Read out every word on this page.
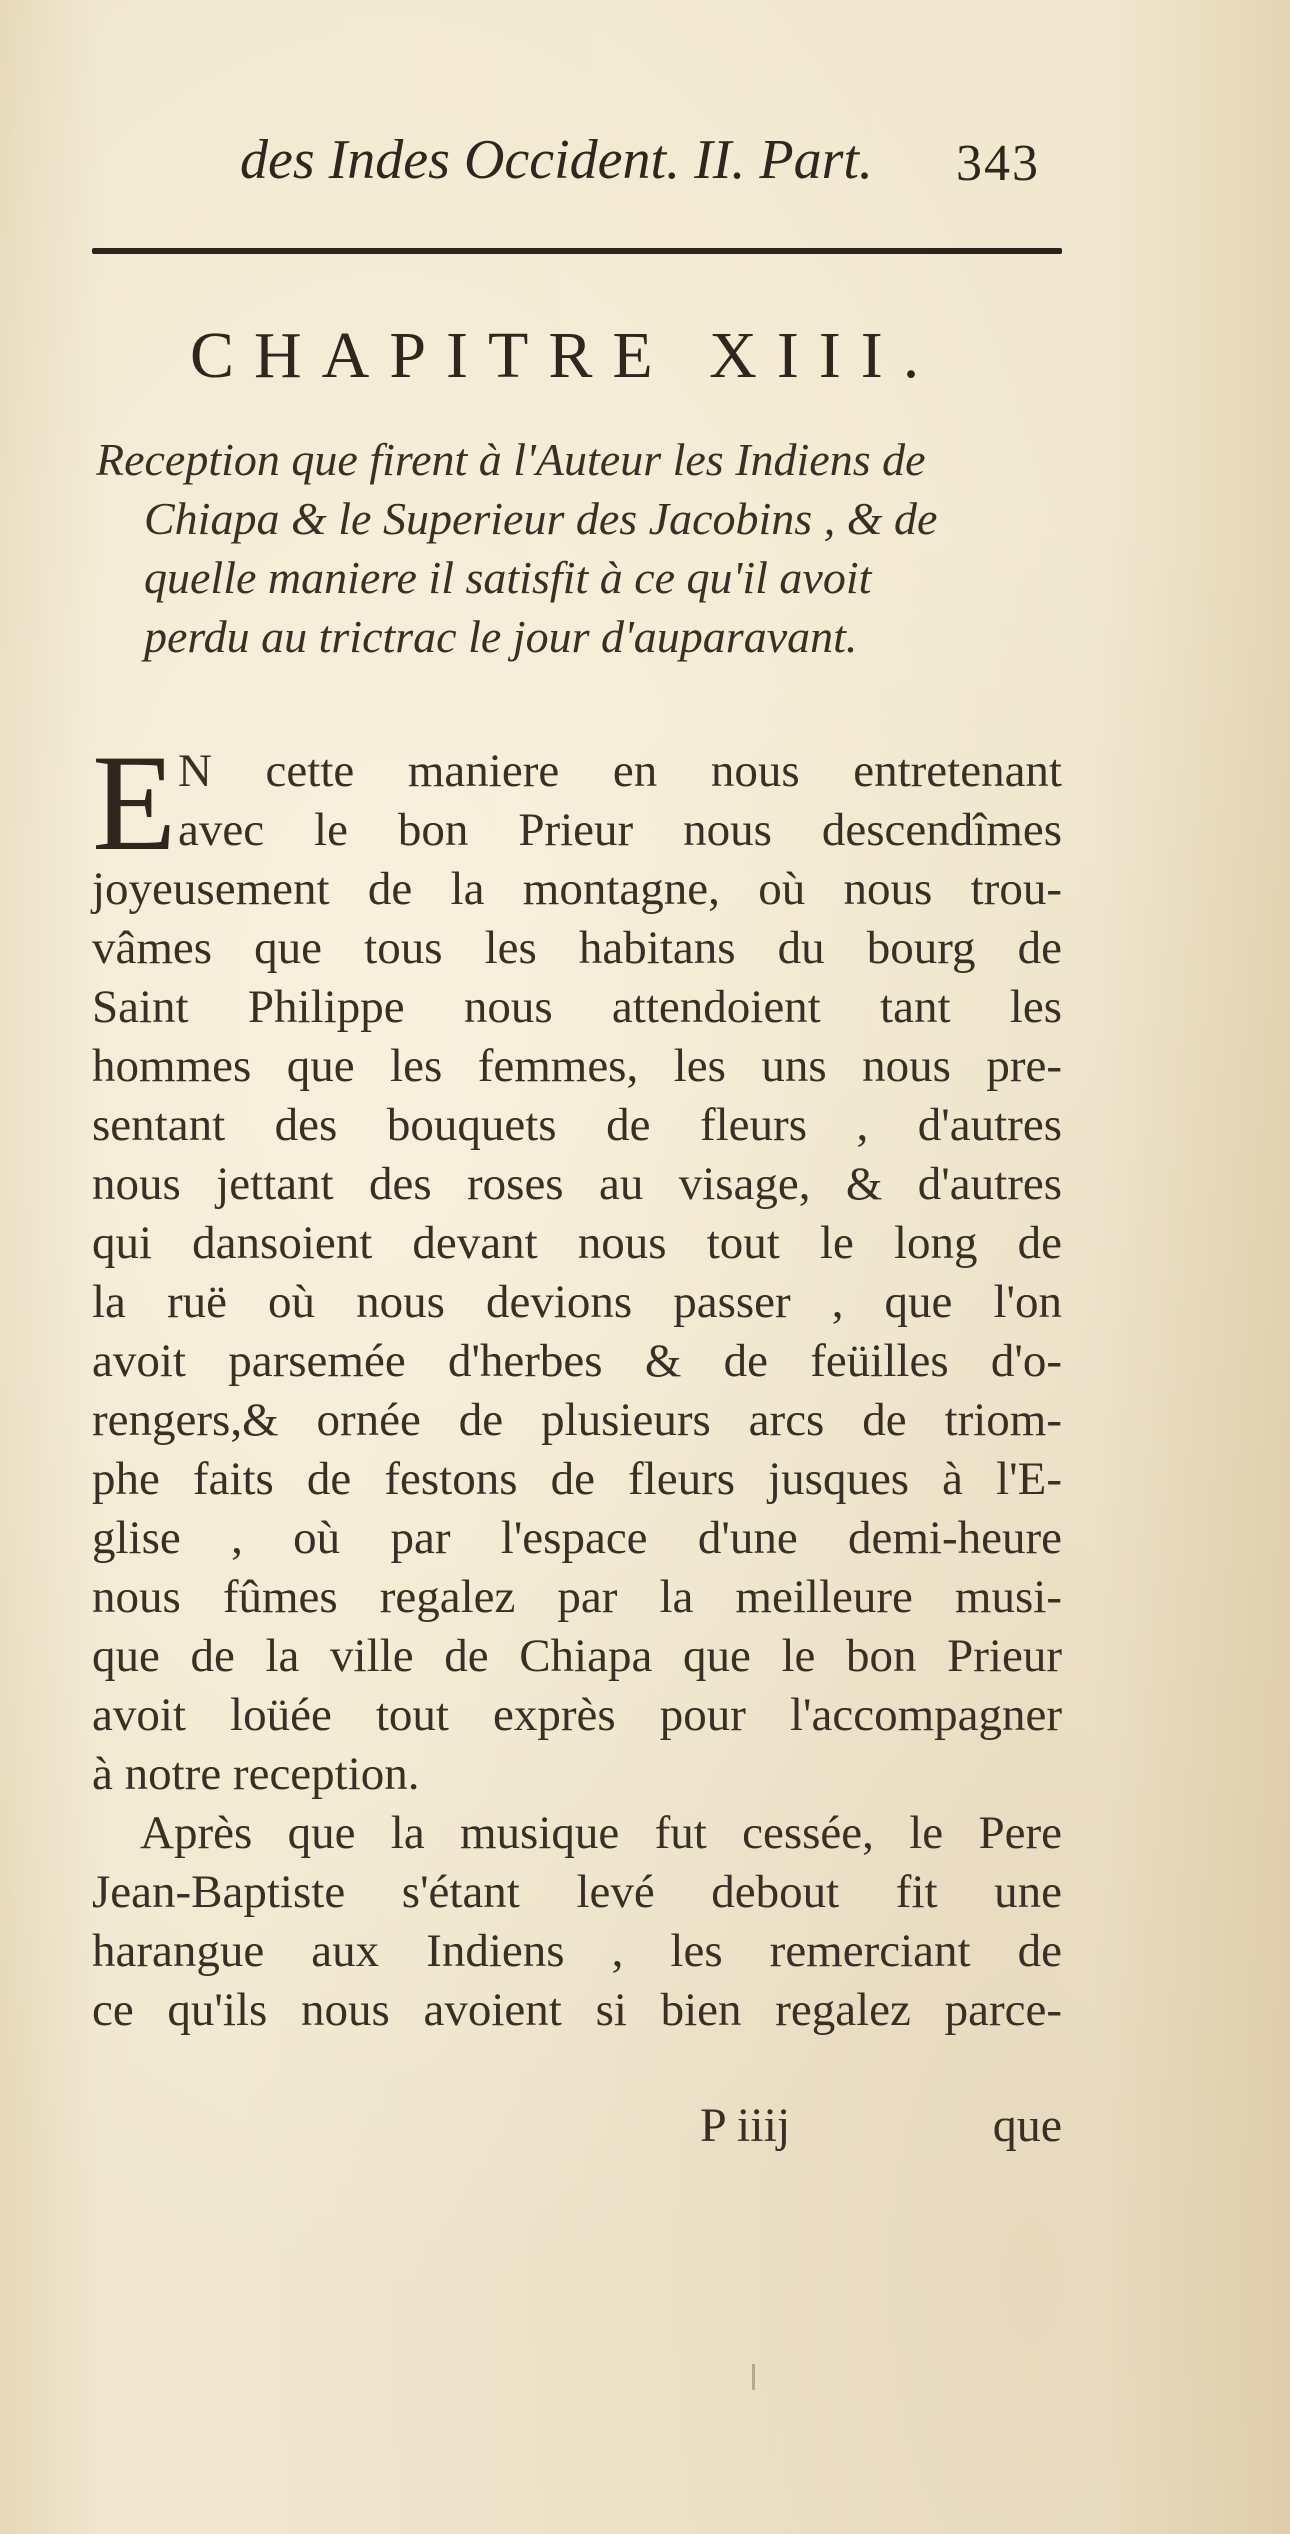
des Indes Occident. II. Part. 343
CHAPITRE XIII.
Reception que firent à l'Auteur les Indiens de
Chiapa & le Superieur des Jacobins , & de
quelle maniere il satisfit à ce qu'il avoit
perdu au trictrac le jour d'auparavant.
E N cette maniere en nous entretenant
avec le bon Prieur nous descendîmes
joyeusement de la montagne, où nous trou-
vâmes que tous les habitans du bourg de
Saint Philippe nous attendoient tant les
hommes que les femmes, les uns nous pre-
sentant des bouquets de fleurs , d'autres
nous jettant des roses au visage, & d'autres
qui dansoient devant nous tout le long de
la ruë où nous devions passer , que l'on
avoit parsemée d'herbes & de feüilles d'o-
rengers,& ornée de plusieurs arcs de triom-
phe faits de festons de fleurs jusques à l'E-
glise , où par l'espace d'une demi-heure
nous fûmes regalez par la meilleure musi-
que de la ville de Chiapa que le bon Prieur
avoit loüée tout exprès pour l'accompagner
à notre reception.
Après que la musique fut cessée, le Pere
Jean-Baptiste s'étant levé debout fit une
harangue aux Indiens , les remerciant de
ce qu'ils nous avoient si bien regalez parce-
P iiij	que
